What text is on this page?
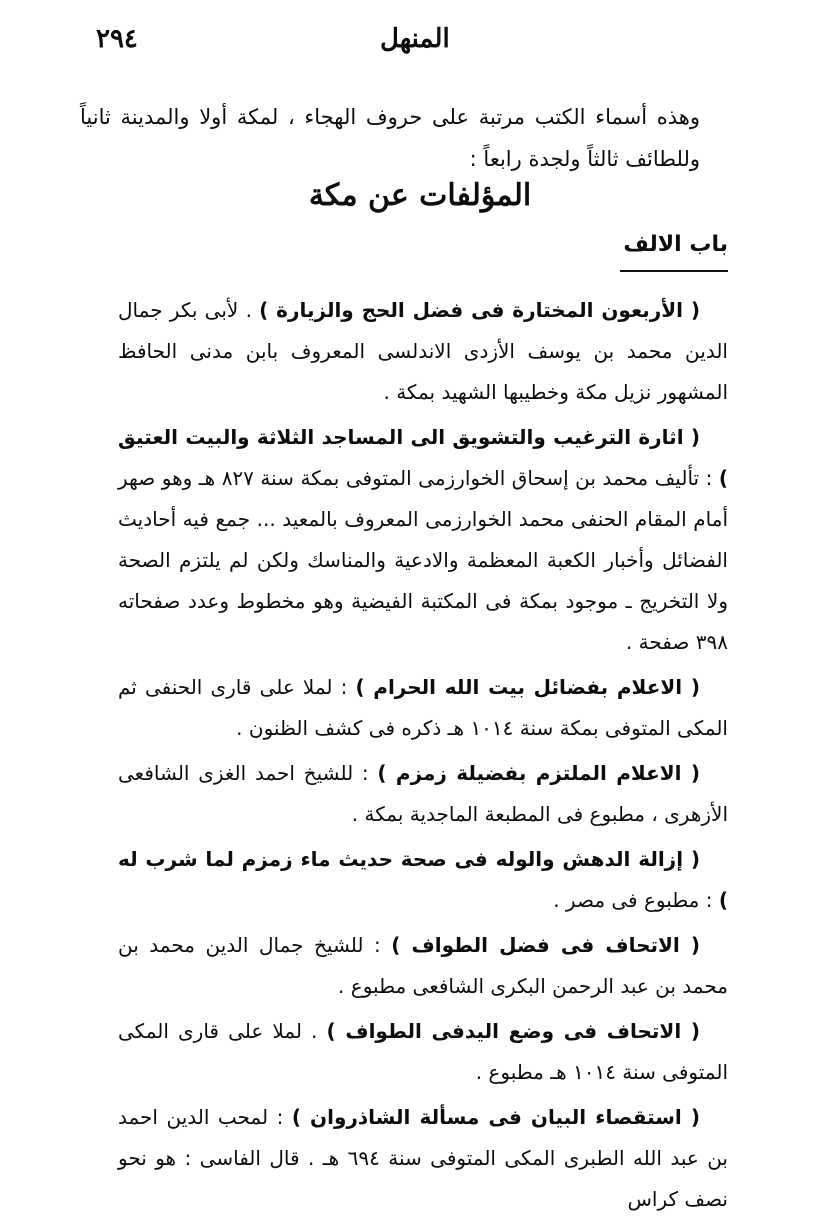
المنهل
٢٩٤

وهذه أسماء الكتب مرتبة على حروف الهجاء ، لمكة أولا والمدينة ثانياً وللطائف ثالثاً ولجدة رابعاً :

المؤلفات عن مكة
باب الالف

( الأربعون المختارة فى فضل الحج والزيارة ) . لأبى بكر جمال الدين محمد بن يوسف الأزدى الاندلسى المعروف بابن مدنى الحافظ المشهور نزيل مكة وخطيبها الشهيد بمكة .

( اثارة الترغيب والتشويق الى المساجد الثلاثة والبيت العتيق ) : تأليف محمد بن إسحاق الخوارزمى المتوفى بمكة سنة ٨٢٧ هـ وهو صهر أمام المقام الحنفى محمد الخوارزمى المعروف بالمعيد ... جمع فيه أحاديث الفضائل وأخبار الكعبة المعظمة والادعية والمناسك ولكن لم يلتزم الصحة ولا التخريج ـ موجود بمكة فى المكتبة الفيضية وهو مخطوط وعدد صفحاته ٣٩٨ صفحة .

( الاعلام بفضائل بيت الله الحرام ) : لملا على قارى الحنفى ثم المكى المتوفى بمكة سنة ١٠١٤ هـ ذكره فى كشف الظنون .

( الاعلام الملتزم بفضيلة زمزم ) : للشيخ احمد الغزى الشافعى الأزهرى ، مطبوع فى المطبعة الماجدية بمكة .

( إزالة الدهش والوله فى صحة حديث ماء زمزم لما شرب له ) : مطبوع فى مصر .

( الاتحاف فى فضل الطواف ) : للشيخ جمال الدين محمد بن محمد بن عبد الرحمن البكرى الشافعى مطبوع .

( الاتحاف فى وضع اليدفى الطواف ) . لملا على قارى المكى المتوفى سنة ١٠١٤ هـ مطبوع .

( استقصاء البيان فى مسألة الشاذروان ) : لمحب الدين احمد بن عبد الله الطبرى المكى المتوفى سنة ٦٩٤ هـ . قال الفاسى : هو نحو نصف كراس
